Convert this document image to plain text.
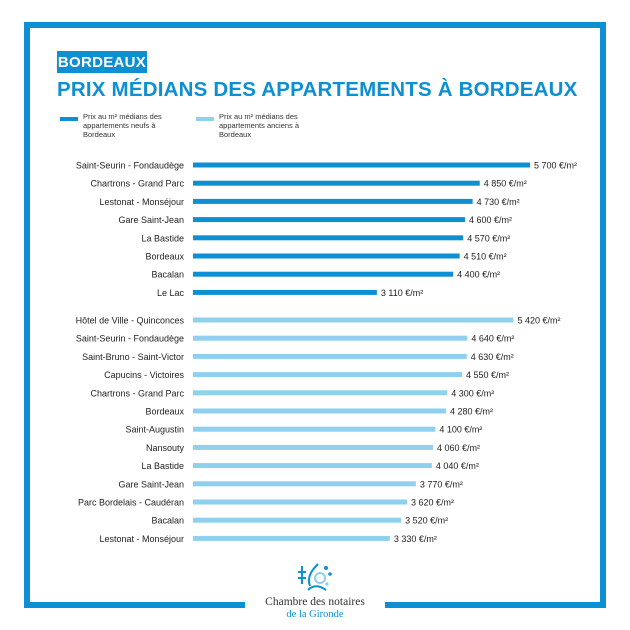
BORDEAUX
PRIX MÉDIANS DES APPARTEMENTS À BORDEAUX
Prix au m² médians des appartements neufs à Bordeaux
Prix au m² médians des appartements anciens à Bordeaux
Saint-Seurin - Fondaudège	5 700 €/m²
Chartrons - Grand Parc	4 850 €/m²
Lestonat - Monséjour	4 730 €/m²
Gare Saint-Jean	4 600 €/m²
La Bastide	4 570 €/m²
Bordeaux	4 510 €/m²
Bacalan	4 400 €/m²
Le Lac	3 110 €/m²
Hôtel de Ville - Quinconces	5 420 €/m²
Saint-Seurin - Fondaudège	4 640 €/m²
Saint-Bruno - Saint-Victor	4 630 €/m²
Capucins - Victoires	4 550 €/m²
Chartrons - Grand Parc	4 300 €/m²
Bordeaux	4 280 €/m²
Saint-Augustin	4 100 €/m²
Nansouty	4 060 €/m²
La Bastide	4 040 €/m²
Gare Saint-Jean	3 770 €/m²
Parc Bordelais - Caudéran	3 620 €/m²
Bacalan	3 520 €/m²
Lestonat - Monséjour	3 330 €/m²
Chambre des notaires
de la Gironde
